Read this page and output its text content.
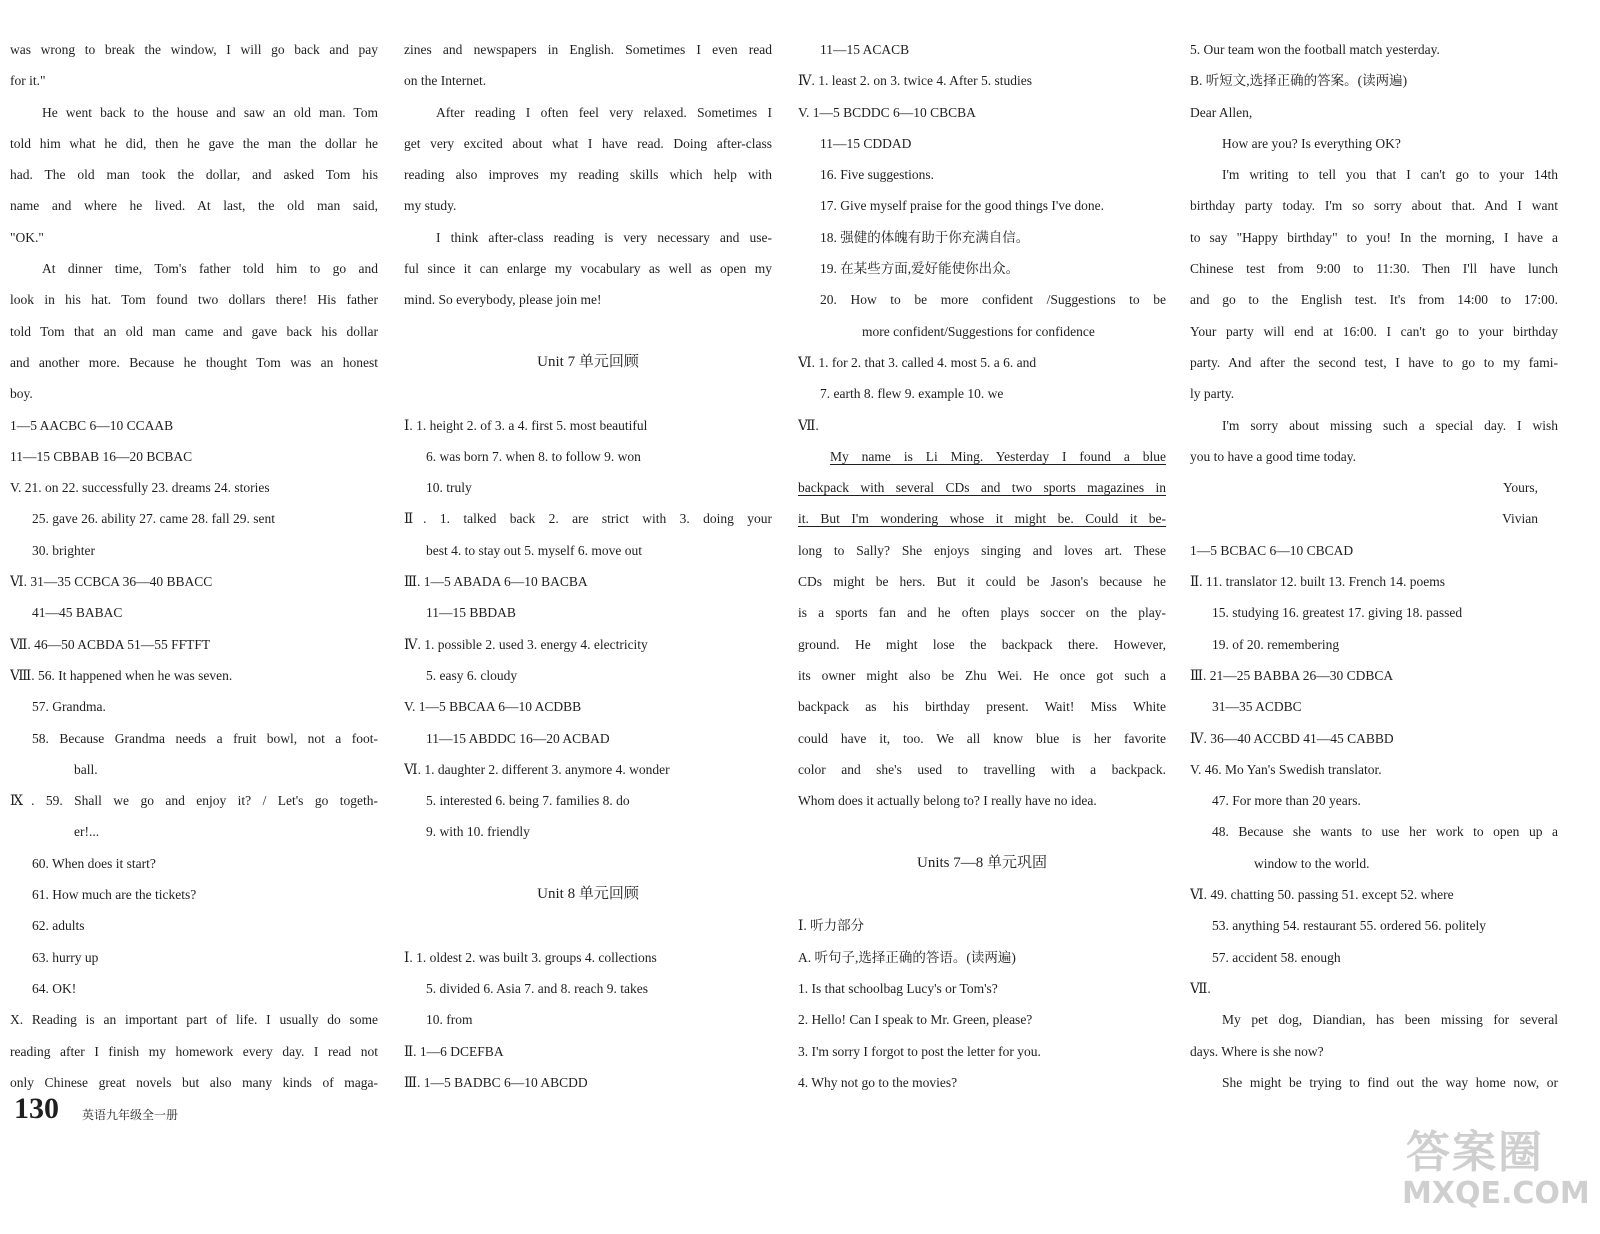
was wrong to break the window, I will go back and pay
for it."
He went back to the house and saw an old man. Tom
told him what he did, then he gave the man the dollar he
had. The old man took the dollar, and asked Tom his
name and where he lived. At last, the old man said,
"OK."
At dinner time, Tom's father told him to go and
look in his hat. Tom found two dollars there! His father
told Tom that an old man came and gave back his dollar
and another more. Because he thought Tom was an honest
boy.
1—5 AACBC 6—10 CCAAB
11—15 CBBAB 16—20 BCBAC
V. 21. on 22. successfully 23. dreams 24. stories
25. gave 26. ability 27. came 28. fall 29. sent
30. brighter
Ⅵ. 31—35 CCBCA 36—40 BBACC
41—45 BABAC
Ⅶ. 46—50 ACBDA 51—55 FFTFT
Ⅷ. 56. It happened when he was seven.
57. Grandma.
58. Because Grandma needs a fruit bowl, not a foot-
ball.
Ⅸ. 59. Shall we go and enjoy it? / Let's go togeth-
er!...
60. When does it start?
61. How much are the tickets?
62. adults
63. hurry up
64. OK!
X. Reading is an important part of life. I usually do some
reading after I finish my homework every day. I read not
only Chinese great novels but also many kinds of maga-
zines and newspapers in English. Sometimes I even read
on the Internet.
After reading I often feel very relaxed. Sometimes I
get very excited about what I have read. Doing after-class
reading also improves my reading skills which help with
my study.
I think after-class reading is very necessary and use-
ful since it can enlarge my vocabulary as well as open my
mind. So everybody, please join me!
Unit 7 单元回顾
Ⅰ. 1. height 2. of 3. a 4. first 5. most beautiful
6. was born 7. when 8. to follow 9. won
10. truly
Ⅱ. 1. talked back 2. are strict with 3. doing your
best 4. to stay out 5. myself 6. move out
Ⅲ. 1—5 ABADA 6—10 BACBA
11—15 BBDAB
Ⅳ. 1. possible 2. used 3. energy 4. electricity
5. easy 6. cloudy
V. 1—5 BBCAA 6—10 ACDBB
11—15 ABDDC 16—20 ACBAD
Ⅵ. 1. daughter 2. different 3. anymore 4. wonder
5. interested 6. being 7. families 8. do
9. with 10. friendly
Unit 8 单元回顾
Ⅰ. 1. oldest 2. was built 3. groups 4. collections
5. divided 6. Asia 7. and 8. reach 9. takes
10. from
Ⅱ. 1—6 DCEFBA
Ⅲ. 1—5 BADBC 6—10 ABCDD
11—15 ACACB
Ⅳ. 1. least 2. on 3. twice 4. After 5. studies
V. 1—5 BCDDC 6—10 CBCBA
11—15 CDDAD
16. Five suggestions.
17. Give myself praise for the good things I've done.
18. 强健的体魄有助于你充满自信。
19. 在某些方面,爱好能使你出众。
20. How to be more confident /Suggestions to be
more confident/Suggestions for confidence
Ⅵ. 1. for 2. that 3. called 4. most 5. a 6. and
7. earth 8. flew 9. example 10. we
Ⅶ.
My name is Li Ming. Yesterday I found a blue
backpack with several CDs and two sports magazines in
it. But I'm wondering whose it might be. Could it be-
long to Sally? She enjoys singing and loves art. These
CDs might be hers. But it could be Jason's because he
is a sports fan and he often plays soccer on the play-
ground. He might lose the backpack there. However,
its owner might also be Zhu Wei. He once got such a
backpack as his birthday present. Wait! Miss White
could have it, too. We all know blue is her favorite
color and she's used to travelling with a backpack.
Whom does it actually belong to? I really have no idea.
Units 7—8 单元巩固
Ⅰ. 听力部分
A. 听句子,选择正确的答语。(读两遍)
1. Is that schoolbag Lucy's or Tom's?
2. Hello! Can I speak to Mr. Green, please?
3. I'm sorry I forgot to post the letter for you.
4. Why not go to the movies?
5. Our team won the football match yesterday.
B. 听短文,选择正确的答案。(读两遍)
Dear Allen,
How are you? Is everything OK?
I'm writing to tell you that I can't go to your 14th
birthday party today. I'm so sorry about that. And I want
to say "Happy birthday" to you! In the morning, I have a
Chinese test from 9:00 to 11:30. Then I'll have lunch
and go to the English test. It's from 14:00 to 17:00.
Your party will end at 16:00. I can't go to your birthday
party. And after the second test, I have to go to my fami-
ly party.
I'm sorry about missing such a special day. I wish
you to have a good time today.
Yours,
Vivian
1—5 BCBAC 6—10 CBCAD
Ⅱ. 11. translator 12. built 13. French 14. poems
15. studying 16. greatest 17. giving 18. passed
19. of 20. remembering
Ⅲ. 21—25 BABBA 26—30 CDBCA
31—35 ACDBC
Ⅳ. 36—40 ACCBD 41—45 CABBD
V. 46. Mo Yan's Swedish translator.
47. For more than 20 years.
48. Because she wants to use her work to open up a
window to the world.
Ⅵ. 49. chatting 50. passing 51. except 52. where
53. anything 54. restaurant 55. ordered 56. politely
57. accident 58. enough
Ⅶ.
My pet dog, Diandian, has been missing for several
days. Where is she now?
She might be trying to find out the way home now, or
130 英语九年级全一册
答案圈
MXQE.COM
